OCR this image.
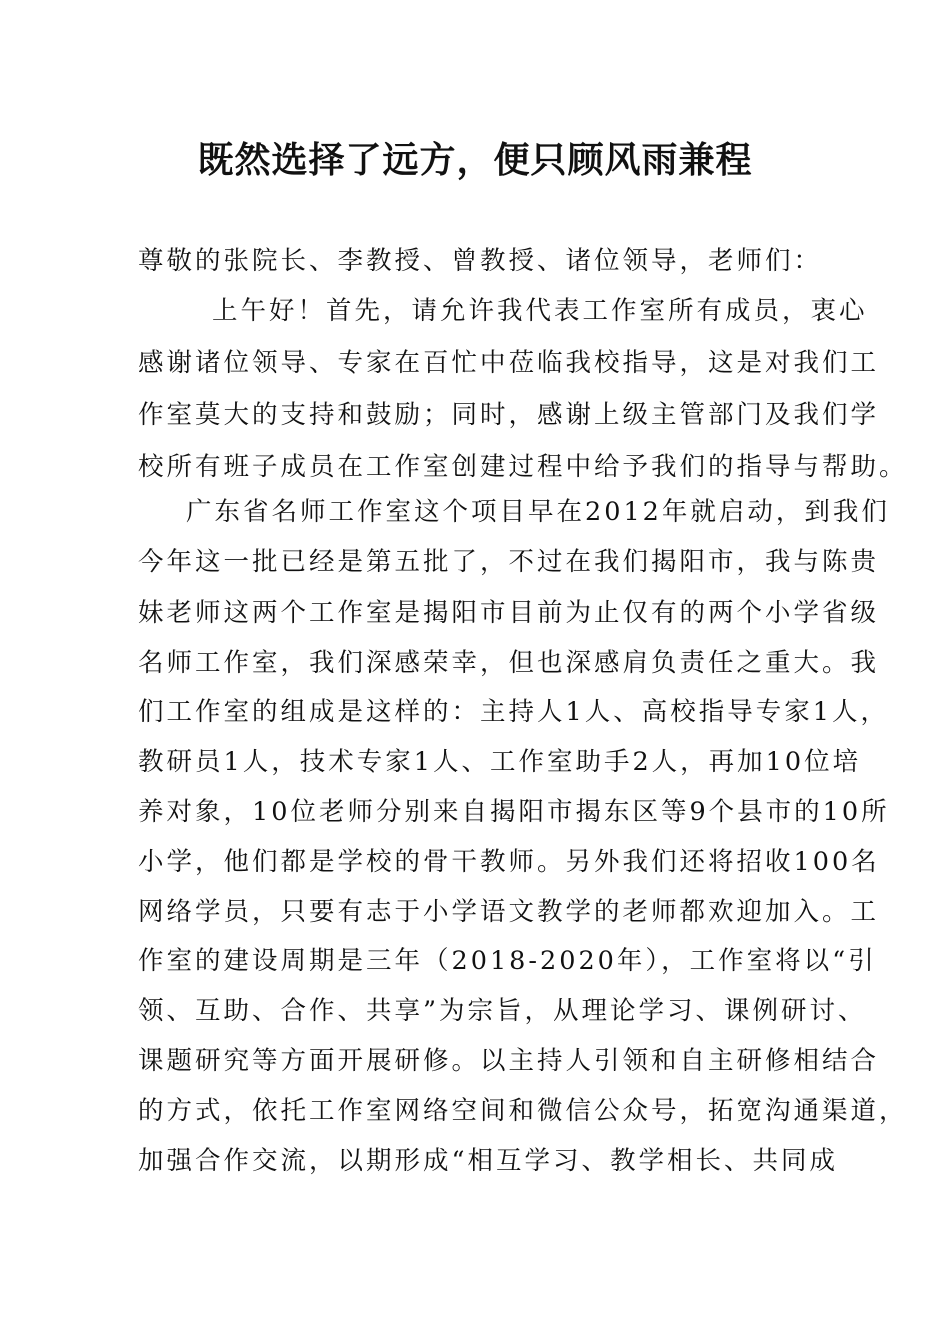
既然选择了远方，便只顾风雨兼程
尊敬的张院长、李教授、曾教授、诸位领导，老师们：
上午好！首先，请允许我代表工作室所有成员，衷心
感谢诸位领导、专家在百忙中莅临我校指导，这是对我们工
作室莫大的支持和鼓励；同时，感谢上级主管部门及我们学
校所有班子成员在工作室创建过程中给予我们的指导与帮助。
广东省名师工作室这个项目早在2012年就启动，到我们
今年这一批已经是第五批了，不过在我们揭阳市，我与陈贵
妹老师这两个工作室是揭阳市目前为止仅有的两个小学省级
名师工作室，我们深感荣幸，但也深感肩负责任之重大。我
们工作室的组成是这样的：主持人1人、高校指导专家1人，
教研员1人，技术专家1人、工作室助手2人，再加10位培
养对象，10位老师分别来自揭阳市揭东区等9个县市的10所
小学，他们都是学校的骨干教师。另外我们还将招收100名
网络学员，只要有志于小学语文教学的老师都欢迎加入。工
作室的建设周期是三年（2018-2020年），工作室将以“引
领、互助、合作、共享”为宗旨，从理论学习、课例研讨、
课题研究等方面开展研修。以主持人引领和自主研修相结合
的方式，依托工作室网络空间和微信公众号，拓宽沟通渠道，
加强合作交流，以期形成“相互学习、教学相长、共同成
